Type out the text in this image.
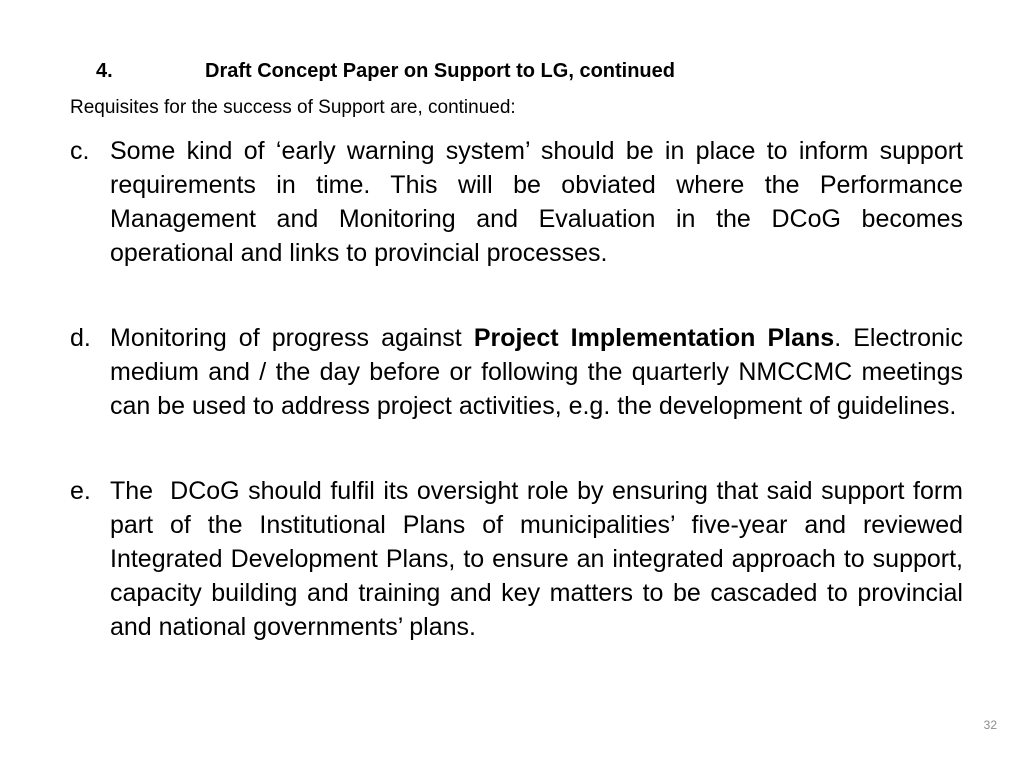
4.	Draft Concept Paper on Support to LG, continued
Requisites for the success of Support are, continued:
c. Some kind of ‘early warning system’ should be in place to inform support requirements in time. This will be obviated where the Performance Management and Monitoring and Evaluation in the DCoG becomes operational and links to provincial processes.
d. Monitoring of progress against Project Implementation Plans. Electronic medium and / the day before or following the quarterly NMCCMC meetings can be used to address project activities, e.g. the development of guidelines.
e. The  DCoG should fulfil its oversight role by ensuring that said support form part of the Institutional Plans of municipalities’ five-year and reviewed Integrated Development Plans, to ensure an integrated approach to support, capacity building and training and key matters to be cascaded to provincial and national governments’ plans.
32
